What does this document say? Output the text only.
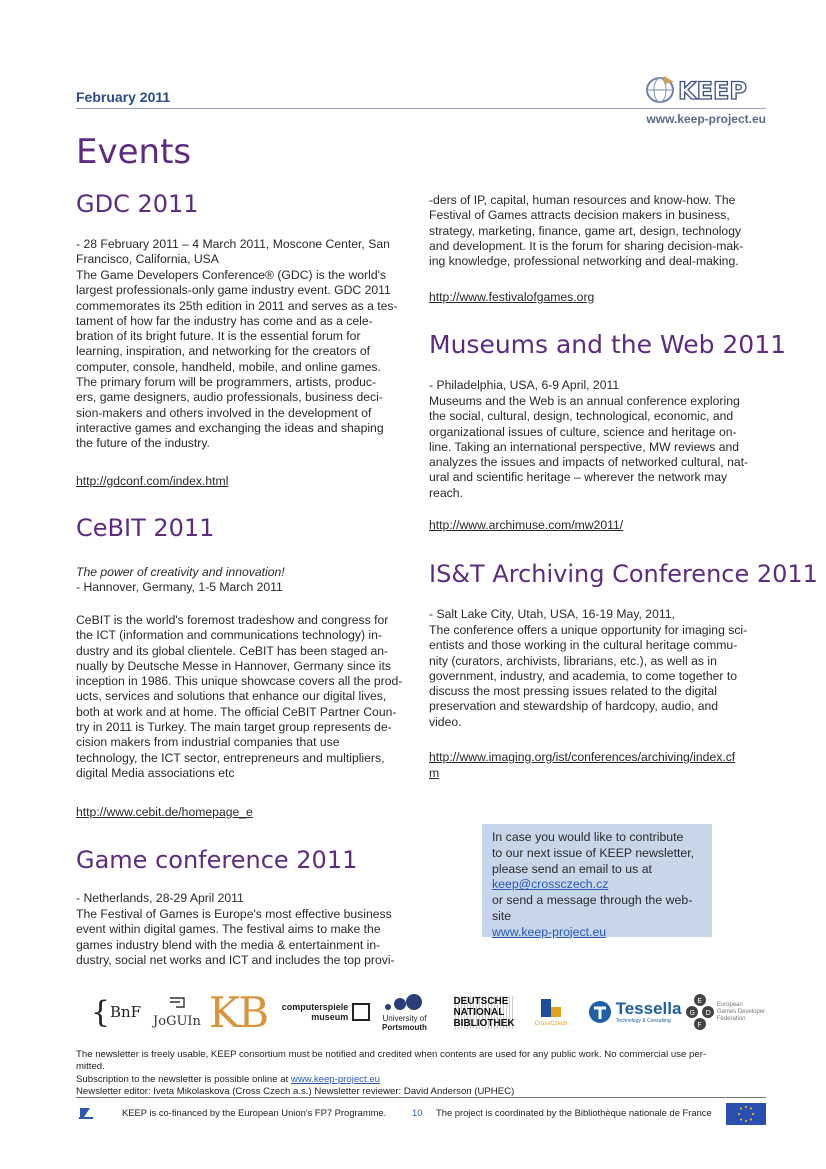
February 2011	KEEP
www.keep-project.eu
Events
GDC 2011
- 28 February 2011 – 4 March 2011, Moscone Center, San
Francisco, California, USA
The Game Developers Conference® (GDC) is the world's
largest professionals-only game industry event. GDC 2011
commemorates its 25th edition in 2011 and serves as a tes-
tament of how far the industry has come and as a cele-
bration of its bright future. It is the essential forum for
learning, inspiration, and networking for the creators of
computer, console, handheld, mobile, and online games.
The primary forum will be programmers, artists, produc-
ers, game designers, audio professionals, business deci-
sion-makers and others involved in the development of
interactive games and exchanging the ideas and shaping
the future of the industry.
http://gdconf.com/index.html
CeBIT 2011
The power of creativity and innovation!
- Hannover, Germany, 1-5 March 2011
CeBIT is the world's foremost tradeshow and congress for
the ICT (information and communications technology) in-
dustry and its global clientele. CeBIT has been staged an-
nually by Deutsche Messe in Hannover, Germany since its
inception in 1986. This unique showcase covers all the prod-
ucts, services and solutions that enhance our digital lives,
both at work and at home. The official CeBIT Partner Coun-
try in 2011 is Turkey. The main target group represents de-
cision makers from industrial companies that use
technology, the ICT sector, entrepreneurs and multipliers,
digital Media associations etc
http://www.cebit.de/homepage_e
Game conference 2011
- Netherlands, 28-29 April 2011
The Festival of Games is Europe's most effective business
event within digital games. The festival aims to make the
games industry blend with the media & entertainment in-
dustry, social net works and ICT and includes the top provi-
-ders of IP, capital, human resources and know-how. The
Festival of Games attracts decision makers in business,
strategy, marketing, finance, game art, design, technology
and development. It is the forum for sharing decision-mak-
ing knowledge, professional networking and deal-making.
http://www.festivalofgames.org
Museums and the Web 2011
- Philadelphia, USA, 6-9 April, 2011
Museums and the Web is an annual conference exploring
the social, cultural, design, technological, economic, and
organizational issues of culture, science and heritage on-
line. Taking an international perspective, MW reviews and
analyzes the issues and impacts of networked cultural, nat-
ural and scientific heritage – wherever the network may
reach.
http://www.archimuse.com/mw2011/
IS&T Archiving Conference 2011
- Salt Lake City, Utah, USA, 16-19 May, 2011,
The conference offers a unique opportunity for imaging sci-
entists and those working in the cultural heritage commu-
nity (curators, archivists, librarians, etc.), as well as in
government, industry, and academia, to come together to
discuss the most pressing issues related to the digital
preservation and stewardship of hardcopy, audio, and
video.
http://www.imaging.org/ist/conferences/archiving/index.cf
m
In case you would like to contribute
to our next issue of KEEP newsletter,
please send an email to us at
keep@crossczech.cz
or send a message through the web-
site
www.keep-project.eu
{ BnF JoGUIn KB computerspiele
museum	University of
Portsmouth
DEUTSCHE
NATIONAL
BIBLIOTHEK	CrossCzech
Tessella
Technology & Consulting
E
G D
F
European
Games Developer
Federation
The newsletter is freely usable, KEEP consortium must be notified and credited when contents are used for any public work. No commercial use per-
mitted.
Subscription to the newsletter is possible online at www.keep-project.eu
Newsletter editor: Iveta Mikolaskova (Cross Czech a.s.) Newsletter reviewer: David Anderson (UPHEC)
KEEP is co-financed by the European Union's FP7 Programme.	10 The project is coordinated by the Bibliothèque nationale de France
